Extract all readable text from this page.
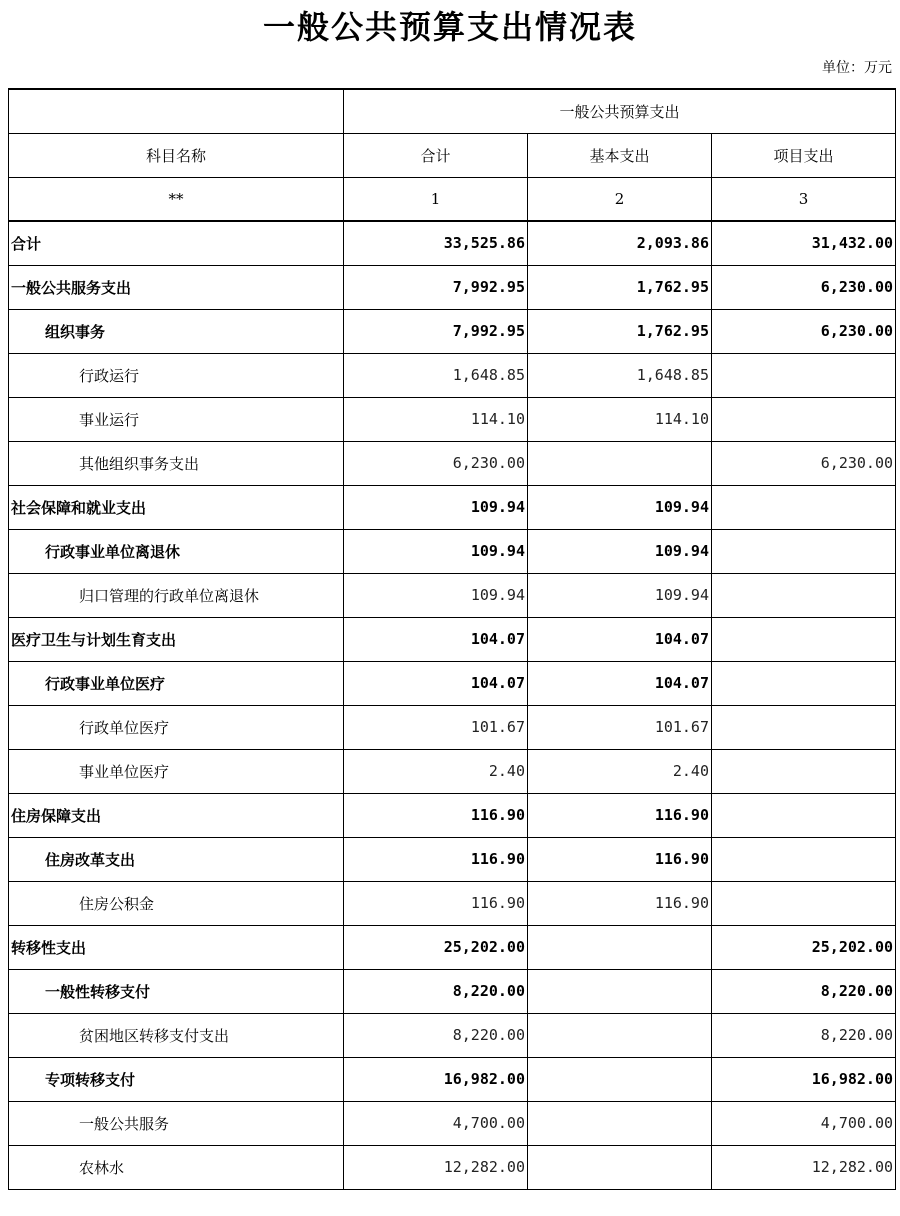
一般公共预算支出情况表
单位：万元
	一般公共预算支出		
科目名称	合计	基本支出	项目支出
**	1	2	3
合计	33,525.86	2,093.86	31,432.00
一般公共服务支出	7,992.95	1,762.95	6,230.00
组织事务	7,992.95	1,762.95	6,230.00
行政运行	1,648.85	1,648.85	
事业运行	114.10	114.10	
其他组织事务支出	6,230.00		6,230.00
社会保障和就业支出	109.94	109.94	
行政事业单位离退休	109.94	109.94	
归口管理的行政单位离退休	109.94	109.94	
医疗卫生与计划生育支出	104.07	104.07	
行政事业单位医疗	104.07	104.07	
行政单位医疗	101.67	101.67	
事业单位医疗	2.40	2.40	
住房保障支出	116.90	116.90	
住房改革支出	116.90	116.90	
住房公积金	116.90	116.90	
转移性支出	25,202.00		25,202.00
一般性转移支付	8,220.00		8,220.00
贫困地区转移支付支出	8,220.00		8,220.00
专项转移支付	16,982.00		16,982.00
一般公共服务	4,700.00		4,700.00
农林水	12,282.00		12,282.00
